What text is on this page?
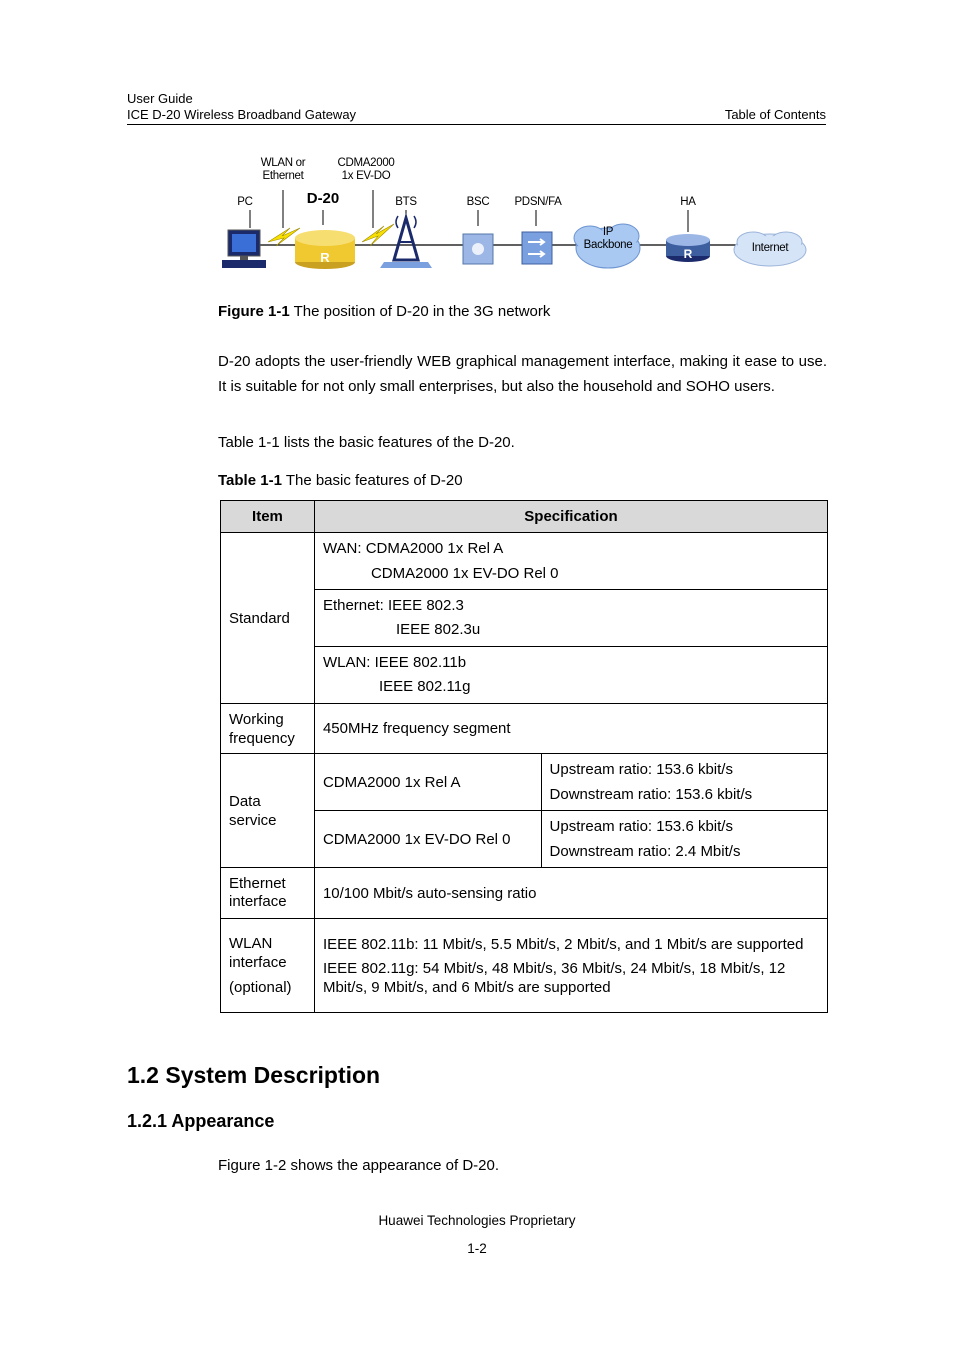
User Guide
ICE D-20 Wireless Broadband Gateway	Table of Contents
R	R
WLAN or
Ethernet
CDMA2000
1x EV-DO
PC	D-20	BTS	BSC	PDSN/FA	HA
IP
Backbone	Internet
Figure 1-1 The position of D-20 in the 3G network
D-20 adopts the user-friendly WEB graphical management interface, making it ease to use. It is suitable for not only small enterprises, but also the household and SOHO users.
Table 1-1 lists the basic features of the D-20.
Table 1-1 The basic features of D-20
Item	Specification	
Standard	WAN: CDMA2000 1x Rel A
CDMA2000 1x EV-DO Rel 0	

	Ethernet: IEEE 802.3
IEEE 802.3u	

	WLAN: IEEE 802.11b
IEEE 802.11g	

Working
frequency	450MHz frequency segment	

Data
service	CDMA2000 1x Rel A	Upstream ratio: 153.6 kbit/s
Downstream ratio: 153.6 kbit/s

	CDMA2000 1x EV-DO Rel 0	Upstream ratio: 153.6 kbit/s
Downstream ratio: 2.4 Mbit/s

Ethernet
interface	10/100 Mbit/s auto-sensing ratio	

WLAN
interface
(optional)	IEEE 802.11b: 11 Mbit/s, 5.5 Mbit/s, 2 Mbit/s, and 1 Mbit/s are supported
IEEE 802.11g: 54 Mbit/s, 48 Mbit/s, 36 Mbit/s, 24 Mbit/s, 18 Mbit/s, 12 Mbit/s, 9 Mbit/s, and 6 Mbit/s are supported	
1.2 System Description
1.2.1 Appearance
Figure 1-2 shows the appearance of D-20.
Huawei Technologies Proprietary
1-2
